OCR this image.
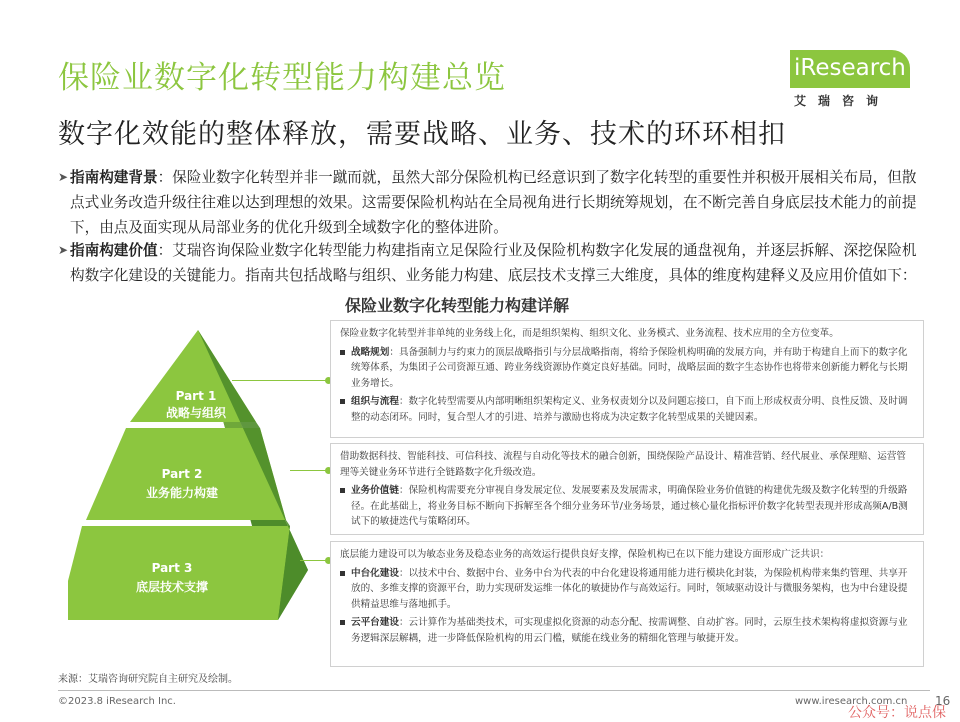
保险业数字化转型能力构建总览	iResearch
艾瑞咨询
数字化效能的整体释放，需要战略、业务、技术的环环相扣
➤ 指南构建背景：保险业数字化转型并非一蹴而就，虽然大部分保险机构已经意识到了数字化转型的重要性并积极开展相关布局，但散点式业务改造升级往往难以达到理想的效果。这需要保险机构站在全局视角进行长期统筹规划，在不断完善自身底层技术能力的前提下，由点及面实现从局部业务的优化升级到全域数字化的整体进阶。
➤ 指南构建价值：艾瑞咨询保险业数字化转型能力构建指南立足保险行业及保险机构数字化发展的通盘视角，并逐层拆解、深挖保险机构数字化建设的关键能力。指南共包括战略与组织、业务能力构建、底层技术支撑三大维度，具体的维度构建释义及应用价值如下：
保险业数字化转型能力构建详解
Part 1
战略与组织
Part 2
业务能力构建
Part 3
底层技术支撑

保险业数字化转型并非单纯的业务线上化，而是组织架构、组织文化、业务模式、业务流程、技术应用的全方位变革。

战略规划：具备强制力与约束力的顶层战略指引与分层战略指南，将给予保险机构明确的发展方向，并有助于构建自上而下的数字化统筹体系，为集团子公司资源互通、跨业务线资源协作奠定良好基础。同时，战略层面的数字生态协作也将带来创新能力孵化与长期业务增长。
组织与流程：数字化转型需要从内部明晰组织架构定义、业务权责划分以及问题忘接口，自下而上形成权责分明、良性反馈、及时调整的动态闭环。同时，复合型人才的引进、培养与激励也将成为决定数字化转型成果的关键因素。

借助数据科技、智能科技、可信科技、流程与自动化等技术的融合创新，围绕保险产品设计、精准营销、经代展业、承保理赔、运营管理等关键业务环节进行全链路数字化升级改造。

业务价值链：保险机构需要充分审视自身发展定位、发展要素及发展需求，明确保险业务价值链的构建优先级及数字化转型的升级路径。在此基础上，将业务目标不断向下拆解至各个细分业务环节/业务场景，通过核心量化指标评价数字化转型表现并形成高频A/B测试下的敏捷迭代与策略闭环。

底层能力建设可以为敏态业务及稳态业务的高效运行提供良好支撑，保险机构已在以下能力建设方面形成广泛共识：

中台化建设：以技术中台、数据中台、业务中台为代表的中台化建设将通用能力进行模块化封装，为保险机构带来集约管理、共享开放的、多维支撑的资源平台，助力实现研发运维一体化的敏捷协作与高效运行。同时，领域驱动设计与微服务架构，也为中台建设提供精益思维与落地抓手。
云平台建设：云计算作为基础类技术，可实现虚拟化资源的动态分配、按需调整、自动扩容。同时，云原生技术架构将虚拟资源与业务逻辑深层解耦，进一步降低保险机构的用云门槛，赋能在线业务的精细化管理与敏捷开发。
来源：艾瑞咨询研究院自主研究及绘制。
©2023.8 iResearch Inc.	www.iresearch.com.cn 16
公众号：说点保
